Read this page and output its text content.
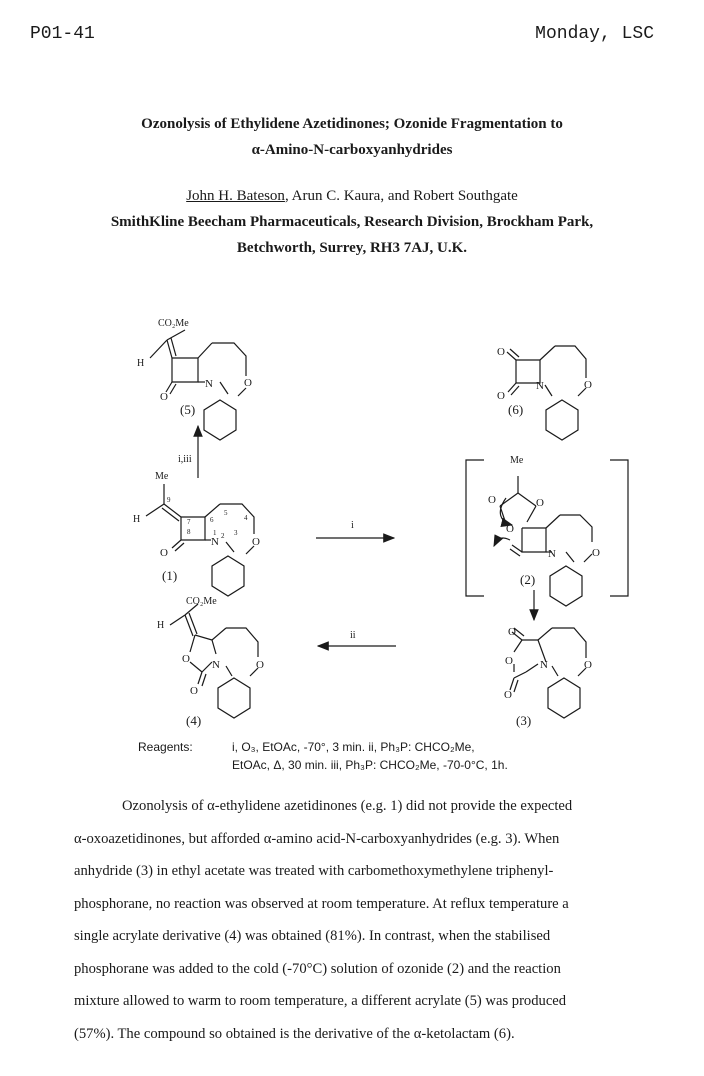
P01-41	Monday, LSC
Ozonolysis of Ethylidene Azetidinones; Ozonide Fragmentation to
α-Amino-N-carboxyanhydrides
John H. Bateson, Arun C. Kaura, and Robert Southgate
SmithKline Beecham Pharmaceuticals, Research Division, Brockham Park,
Betchworth, Surrey, RH3 7AJ, U.K.
CO₂Me
H
O
N	O
(5)
O
O
N	O
(6)
i,iii
Me
H
O
N	O
9
7
8
6
5
4
3
2
1
(1)
i
Me
O	O
O
N	O
(2)
O
O
O
N	O
(3)
ii
CO₂Me
H
O
O
N	O
(4)
Reagents:	i, O₃, EtOAc, -70°, 3 min. ii, Ph₃P: CHCO₂Me,
EtOAc, Δ, 30 min. iii, Ph₃P: CHCO₂Me, -70-0°C, 1h.
Ozonolysis of α-ethylidene azetidinones (e.g. 1) did not provide the expected
α-oxoazetidinones, but afforded α-amino acid-N-carboxyanhydrides (e.g. 3). When
anhydride (3) in ethyl acetate was treated with carbomethoxymethylene triphenyl-
phosphorane, no reaction was observed at room temperature. At reflux temperature a
single acrylate derivative (4) was obtained (81%). In contrast, when the stabilised
phosphorane was added to the cold (-70°C) solution of ozonide (2) and the reaction
mixture allowed to warm to room temperature, a different acrylate (5) was produced
(57%). The compound so obtained is the derivative of the α-ketolactam (6).
